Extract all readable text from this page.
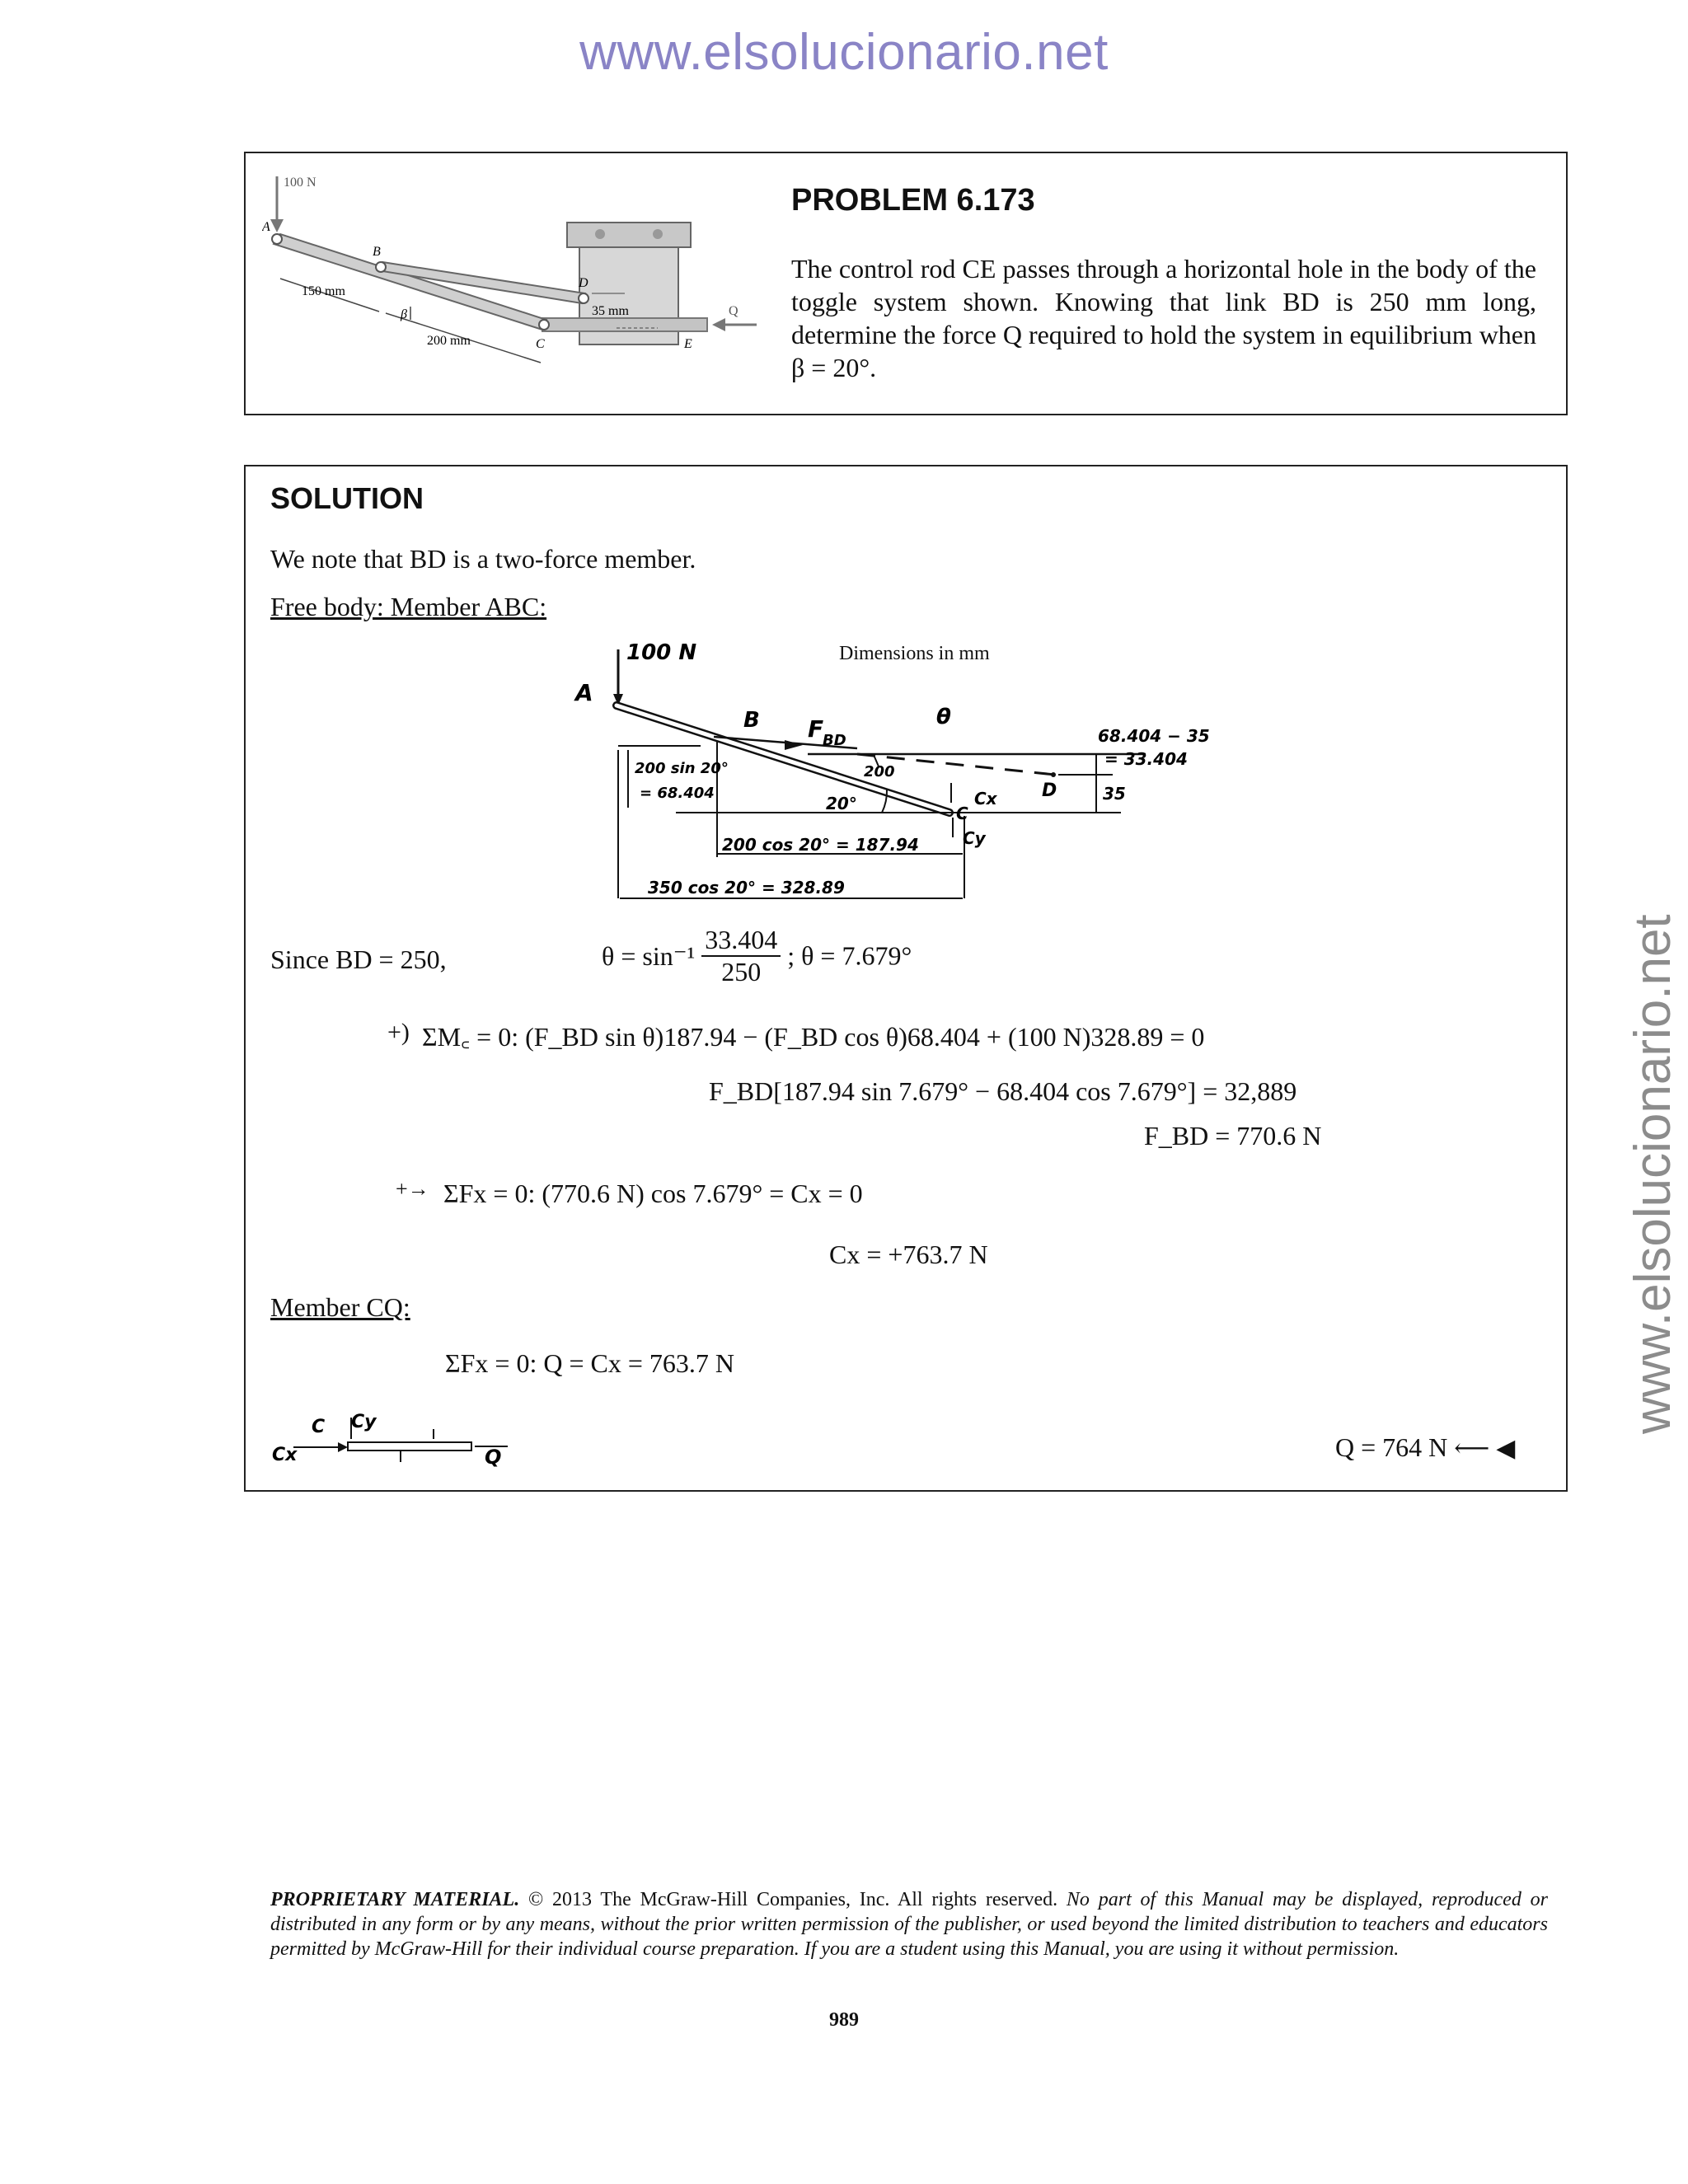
www.elsolucionario.net
www.elsolucionario.net
100 N
A
B
C
D
E
Q
β
150 mm
200 mm
35 mm
PROBLEM 6.173
The control rod CE passes through a horizontal hole in the body of the toggle system shown. Knowing that link BD is 250 mm long, determine the force Q required to hold the system in equilibrium when β = 20°.
SOLUTION
We note that BD is a two-force member.
Free body: Member ABC:
100 N
A
B F
BD
θ
200 sin 20°
= 68.404
68.404 − 35
= 33.404
200
20°	Cx
C
Cy
D	35
200 cos 20° = 187.94
350 cos 20° = 328.89
Dimensions in mm
Since BD = 250,	$\theta = \sin^{-1} \frac{33.404}{250}$ ; θ = 7.679°
+) ΣM꜀ = 0: (F_BD sin θ)187.94 − (F_BD cos θ)68.404 + (100 N)328.89 = 0
F_BD[187.94 sin 7.679° − 68.404 cos 7.679°] = 32,889
F_BD = 770.6 N
+→ ΣFx = 0: (770.6 N) cos 7.679° = Cx = 0
Cx = +763.7 N
Member CQ:
ΣFx = 0: Q = Cx = 763.7 N
C Cy
Cx	Q	Q = 764 N ⟵ ◀
PROPRIETARY MATERIAL. © 2013 The McGraw-Hill Companies, Inc. All rights reserved. No part of this Manual may be displayed, reproduced or distributed in any form or by any means, without the prior written permission of the publisher, or used beyond the limited distribution to teachers and educators permitted by McGraw-Hill for their individual course preparation. If you are a student using this Manual, you are using it without permission.
989
